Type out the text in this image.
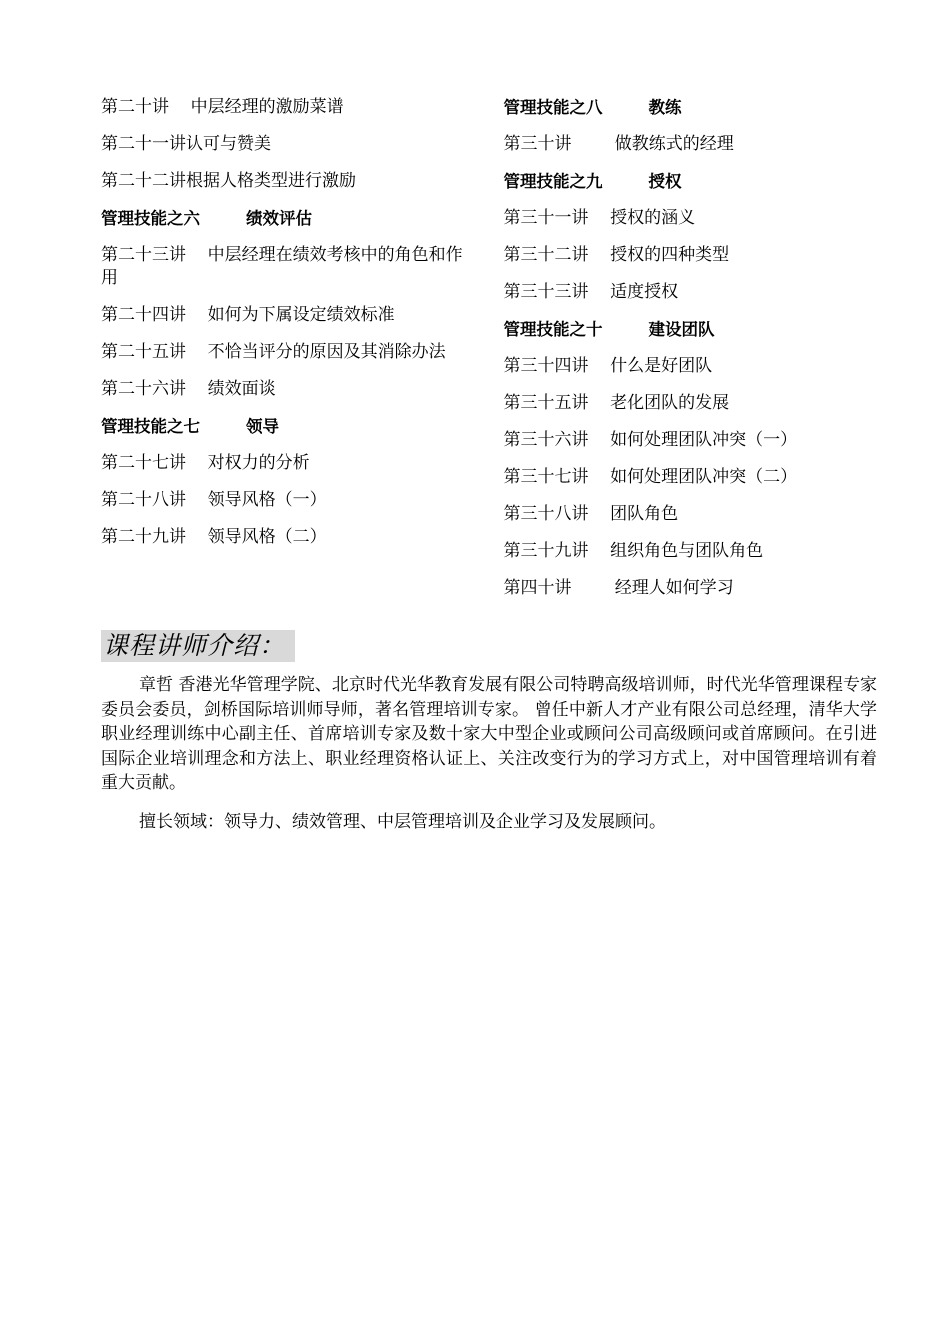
第二十讲    中层经理的激励菜谱
第二十一讲认可与赞美
第二十二讲根据人格类型进行激励
管理技能之六        绩效评估
第二十三讲    中层经理在绩效考核中的角色和作用
第二十四讲    如何为下属设定绩效标准
第二十五讲    不恰当评分的原因及其消除办法
第二十六讲    绩效面谈
管理技能之七        领导
第二十七讲    对权力的分析
第二十八讲    领导风格（一）
第二十九讲    领导风格（二）
管理技能之八        教练
第三十讲        做教练式的经理
管理技能之九        授权
第三十一讲    授权的涵义
第三十二讲    授权的四种类型
第三十三讲    适度授权
管理技能之十        建设团队
第三十四讲    什么是好团队
第三十五讲    老化团队的发展
第三十六讲    如何处理团队冲突（一）
第三十七讲    如何处理团队冲突（二）
第三十八讲    团队角色
第三十九讲    组织角色与团队角色
第四十讲        经理人如何学习
课程讲师介绍：

章哲 香港光华管理学院、北京时代光华教育发展有限公司特聘高级培训师，时代光华管理课程专家委员会委员，剑桥国际培训师导师，著名管理培训专家。 曾任中新人才产业有限公司总经理，清华大学职业经理训练中心副主任、首席培训专家及数十家大中型企业或顾问公司高级顾问或首席顾问。在引进国际企业培训理念和方法上、职业经理资格认证上、关注改变行为的学习方式上，对中国管理培训有着重大贡献。

擅长领域：领导力、绩效管理、中层管理培训及企业学习及发展顾问。
